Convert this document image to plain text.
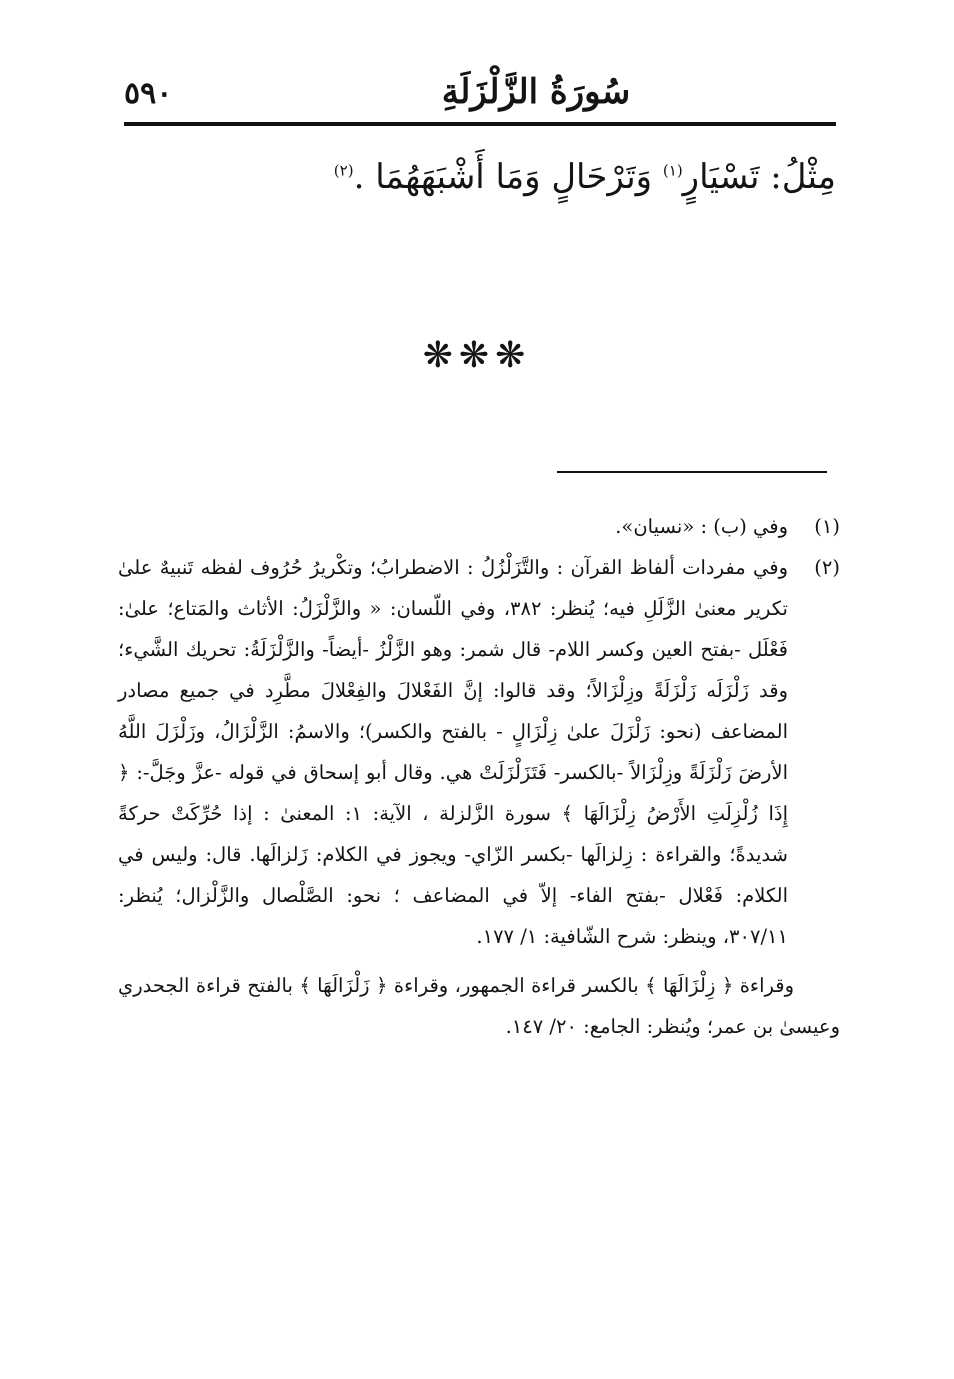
٥٩٠	سُورَةُ الزَّلْزَلَةِ
مِثْلُ: تَسْيَارٍ$^{(١)}$ وَتَرْحَالٍ وَمَا أَشْبَهَهُمَا .$^{(٢)}$
❋❋❋
(١)
وفي (ب) : «نسيان».
(٢)
وفي مفردات ألفاظ القرآن : والتَّزَلْزُلُ : الاضطرابُ؛ وتكْريرُ حُرُوف لفظه تَنبيهٌ علىٰ تكرير معنىٰ الزَّلَلِ فيه؛ يُنظر: ٣٨٢، وفي اللّسان: « والزَّلْزَلُ: الأثاث والمَتاع؛ علىٰ: فَعْلَل -بفتح العين وكسر اللام- قال شمر: وهو الزَّلْزُ -أيضاً- والزَّلْزَلَةُ: تحريك الشَّيء؛ وقد زَلْزَلَه زَلْزَلَةً وزِلْزَالاً؛ وقد قالوا: إنَّ الفَعْلالَ والفِعْلالَ مطَّرِد في جميع مصادر المضاعف (نحو: زَلْزَلَ علىٰ زِلْزَالٍ - بالفتح والكسر)؛ والاسمُ: الزَّلْزَالُ، وزَلْزَلَ اللَّهُ الأرضَ زَلْزَلَةً وزِلْزَالاً -بالكسر- فَتَزَلْزَلَتْ هي. وقال أبو إسحاق في قوله -عزَّ وجَلَّ-: ﴿ إِذَا زُلْزِلَتِ الأَرْضُ زِلْزَالَهَا ﴾ سورة الزَّلزلة ، الآية: ١: المعنىٰ : إذا حُرِّكَتْ حركةً شديدةً؛ والقراءة : زِلزالَها -بكسر الزّاي- ويجوز في الكلام: زَلزالَها. قال: وليس في الكلام: فَعْلال -بفتح الفاء- إلاّ في المضاعف ؛ نحو: الصَّلْصال والزَّلْزال؛ يُنظر: ٣٠٧/١١، وينظر: شرح الشّافية: ١/ ١٧٧.
وقراءة ﴿ زِلْزَالَهَا ﴾ بالكسر قراءة الجمهور، وقراءة ﴿ زَلْزَالَهَا ﴾ بالفتح قراءة الجحدري وعيسىٰ بن عمر؛ ويُنظر: الجامع: ٢٠/ ١٤٧.
